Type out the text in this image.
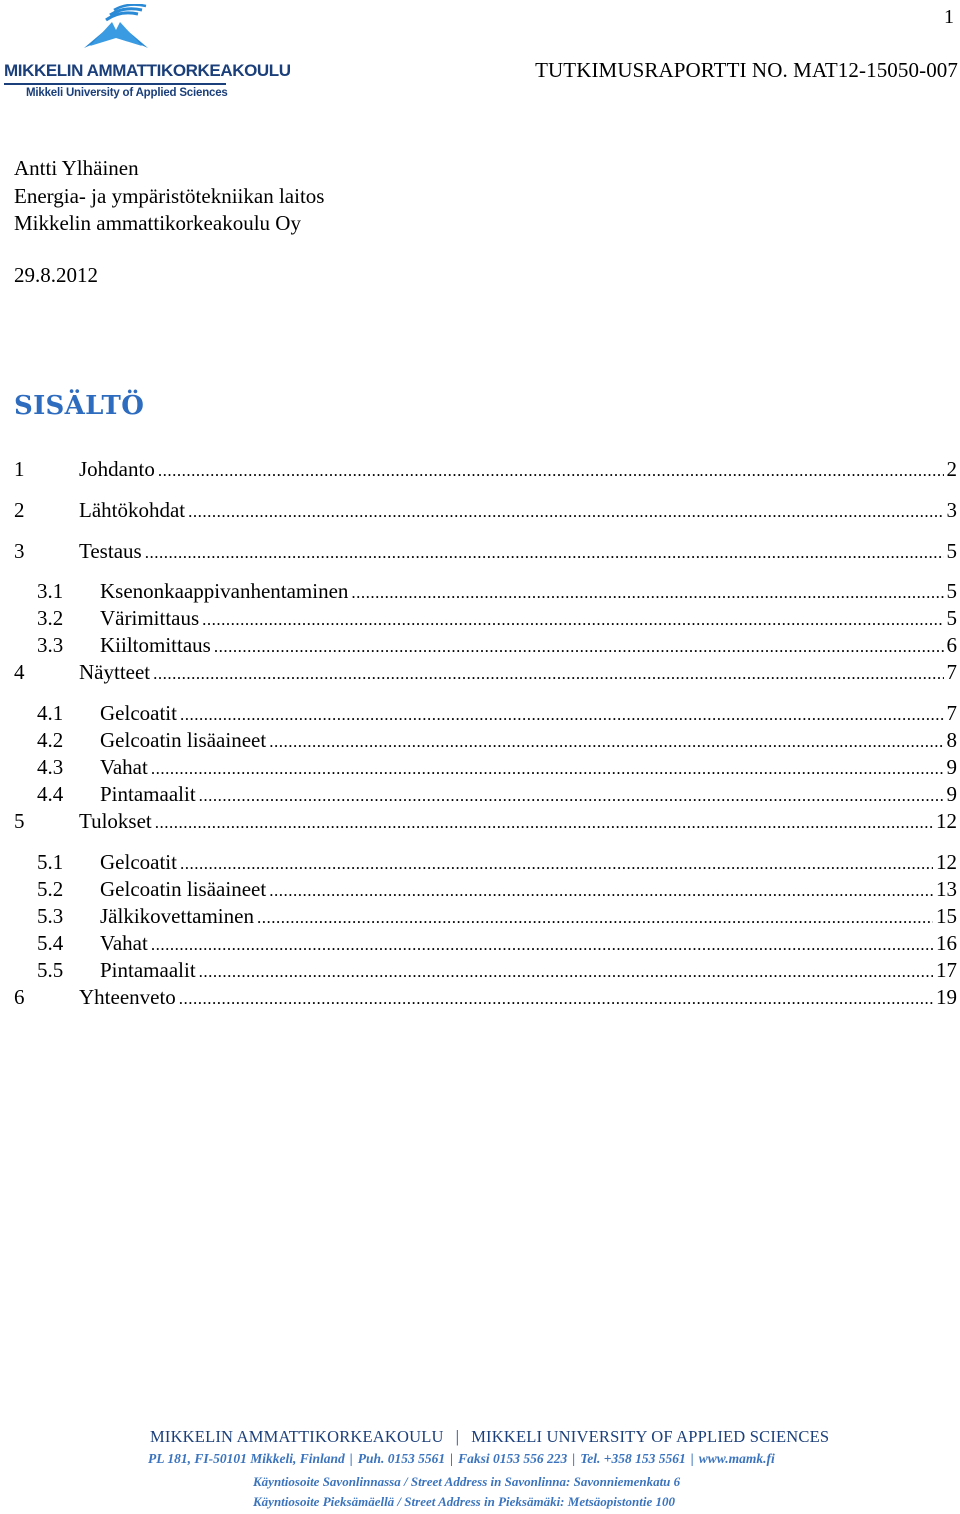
MIKKELIN AMMATTIKORKEAKOULU
Mikkeli University of Applied Sciences
1
TUTKIMUSRAPORTTI NO. MAT12-15050-007
Antti Ylhäinen
Energia- ja ympäristötekniikan laitos
Mikkelin ammattikorkeakoulu Oy
29.8.2012
SISÄLTÖ
1	Johdanto .....	2
2	Lähtökohdat .....	3
3	Testaus .....	5
3.1 Ksenonkaappivanhentaminen .....	5
3.2 Värimittaus .....	5
3.3 Kiiltomittaus .....	6
4	Näytteet .....	7
4.1 Gelcoatit .....	7
4.2 Gelcoatin lisäaineet .....	8
4.3 Vahat .....	9
4.4 Pintamaalit .....	9
5	Tulokset .....	12
5.1 Gelcoatit .....	12
5.2 Gelcoatin lisäaineet .....	13
5.3 Jälkikovettaminen .....	15
5.4 Vahat .....	16
5.5 Pintamaalit .....	17
6	Yhteenveto .....	19
MIKKELIN AMMATTIKORKEAKOULU | MIKKELI UNIVERSITY OF APPLIED SCIENCES
PL 181, FI-50101 Mikkeli, Finland | Puh. 0153 5561 | Faksi 0153 556 223 | Tel. +358 153 5561 | www.mamk.fi
Käyntiosoite Savonlinnassa / Street Address in Savonlinna: Savonniemenkatu 6
Käyntiosoite Pieksämäellä / Street Address in Pieksämäki: Metsäopistontie 100
